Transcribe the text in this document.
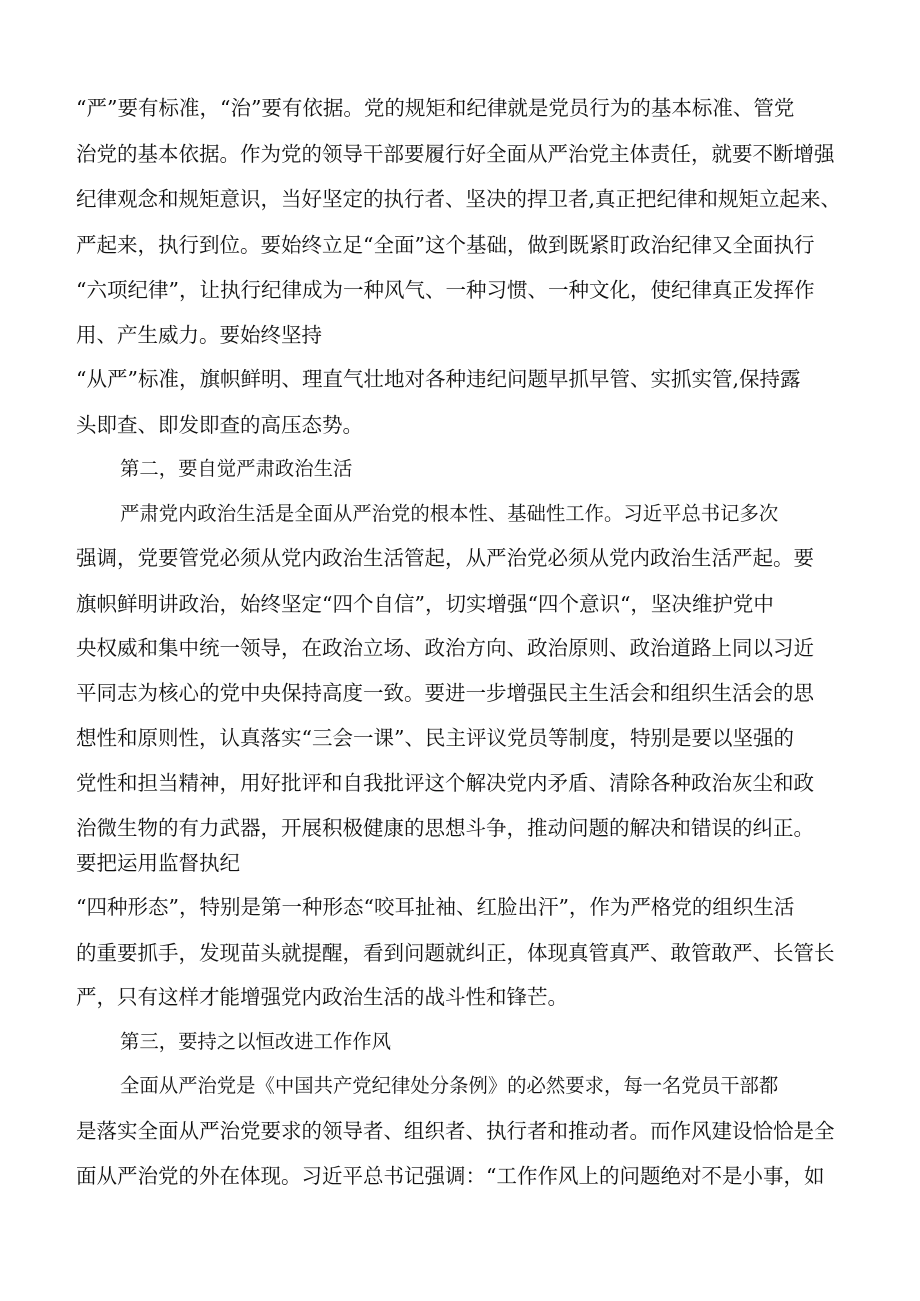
“严”要有标准，“治”要有依据。党的规矩和纪律就是党员行为的基本标准、管党

治党的基本依据。作为党的领导干部要履行好全面从严治党主体责任，就要不断增强

纪律观念和规矩意识，当好坚定的执行者、坚决的捍卫者,真正把纪律和规矩立起来、

严起来，执行到位。要始终立足“全面”这个基础，做到既紧盯政治纪律又全面执行

“六项纪律”，让执行纪律成为一种风气、一种习惯、一种文化，使纪律真正发挥作

用、产生威力。要始终坚持

“从严”标准，旗帜鲜明、理直气壮地对各种违纪问题早抓早管、实抓实管,保持露

头即查、即发即查的高压态势。

第二，要自觉严肃政治生活

严肃党内政治生活是全面从严治党的根本性、基础性工作。习近平总书记多次

强调，党要管党必须从党内政治生活管起，从严治党必须从党内政治生活严起。要

旗帜鲜明讲政治，始终坚定“四个自信”，切实增强“四个意识“，坚决维护党中

央权威和集中统一领导，在政治立场、政治方向、政治原则、政治道路上同以习近

平同志为核心的党中央保持高度一致。要进一步增强民主生活会和组织生活会的思

想性和原则性，认真落实“三会一课”、民主评议党员等制度，特别是要以坚强的

党性和担当精神，用好批评和自我批评这个解决党内矛盾、清除各种政治灰尘和政

治微生物的有力武器，开展积极健康的思想斗争，推动问题的解决和错误的纠正。

要把运用监督执纪

“四种形态”，特别是第一种形态“咬耳扯袖、红脸出汗”，作为严格党的组织生活

的重要抓手，发现苗头就提醒，看到问题就纠正，体现真管真严、敢管敢严、长管长

严，只有这样才能增强党内政治生活的战斗性和锋芒。

第三，要持之以恒改进工作作风

全面从严治党是《中国共产党纪律处分条例》的必然要求，每一名党员干部都

是落实全面从严治党要求的领导者、组织者、执行者和推动者。而作风建设恰恰是全

面从严治党的外在体现。习近平总书记强调：“工作作风上的问题绝对不是小事，如
